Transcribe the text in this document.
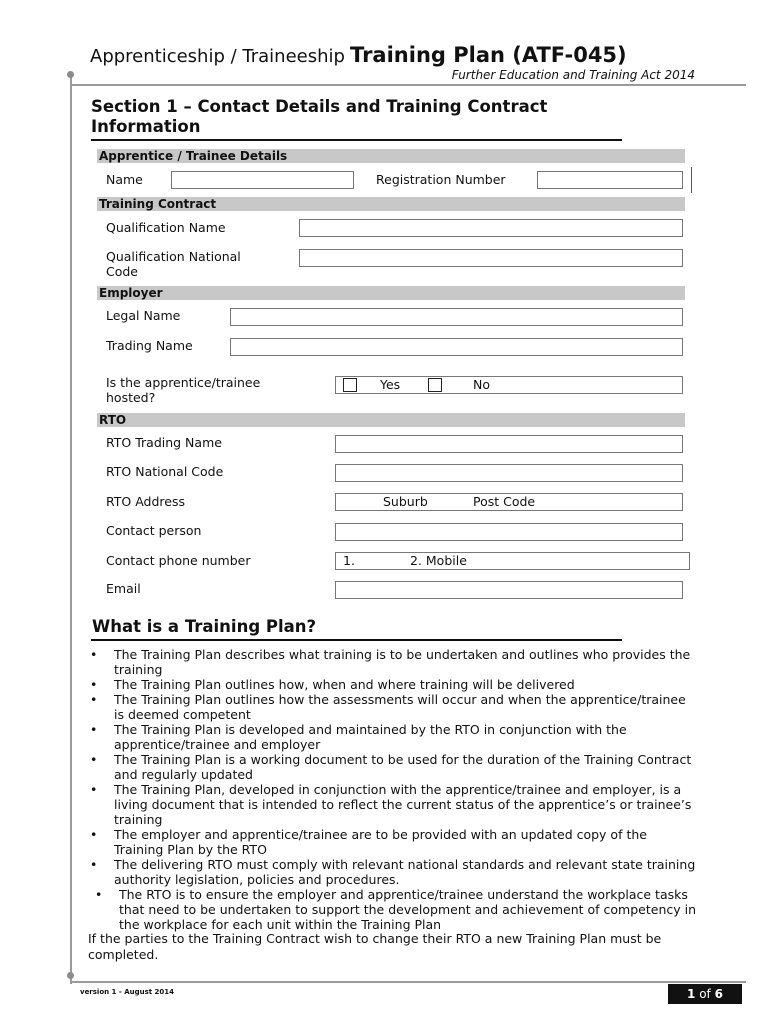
Apprenticeship / Traineeship Training Plan (ATF-045)
Further Education and Training Act 2014
Section 1 – Contact Details and Training Contract Information
Apprentice / Trainee Details
Name	Registration Number
Training Contract
Qualification Name
Qualification National Code
Employer
Legal Name
Trading Name
Is the apprentice/trainee hosted?
Yes	No
RTO
RTO Trading Name
RTO National Code
RTO Address	Suburb	Post Code
Contact person
Contact phone number	1.	2. Mobile
Email
What is a Training Plan?
• The Training Plan describes what training is to be undertaken and outlines who provides the training
• The Training Plan outlines how, when and where training will be delivered
• The Training Plan outlines how the assessments will occur and when the apprentice/trainee is deemed competent
• The Training Plan is developed and maintained by the RTO in conjunction with the apprentice/trainee and employer
• The Training Plan is a working document to be used for the duration of the Training Contract and regularly updated
• The Training Plan, developed in conjunction with the apprentice/trainee and employer, is a living document that is intended to reflect the current status of the apprentice’s or trainee’s training
• The employer and apprentice/trainee are to be provided with an updated copy of the Training Plan by the RTO
• The delivering RTO must comply with relevant national standards and relevant state training authority legislation, policies and procedures.
• The RTO is to ensure the employer and apprentice/trainee understand the workplace tasks that need to be undertaken to support the development and achievement of competency in the workplace for each unit within the Training Plan
If the parties to the Training Contract wish to change their RTO a new Training Plan must be completed.
version 1 - August 2014	1 of 6
